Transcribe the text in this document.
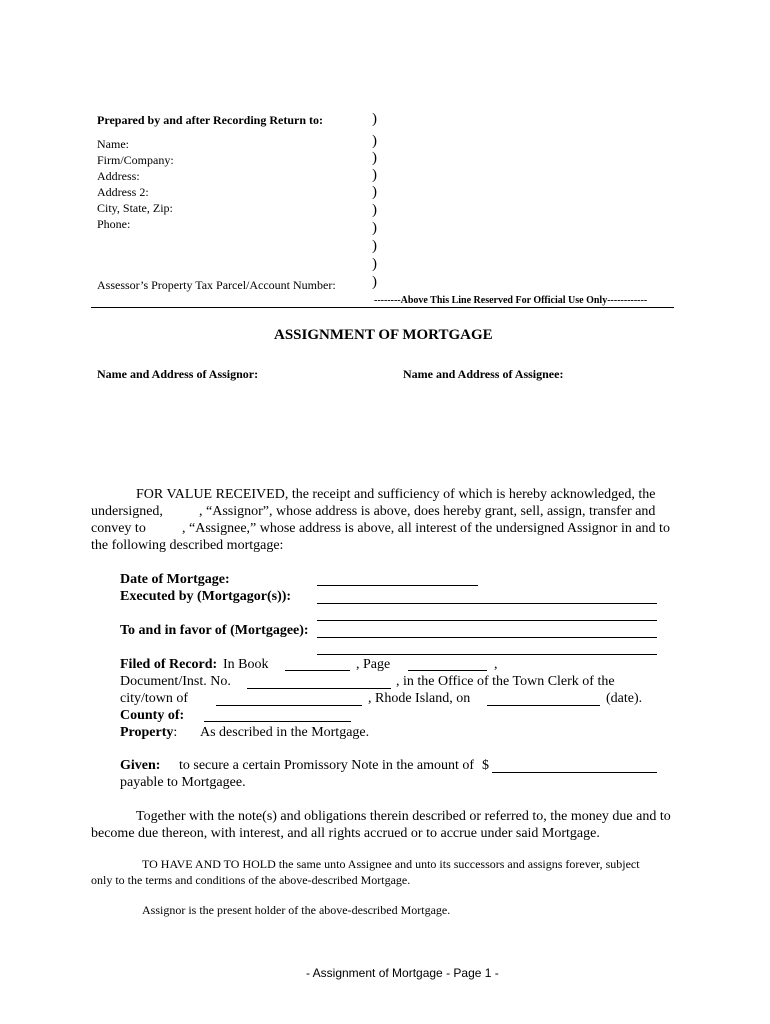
Prepared by and after Recording Return to:
Name:
Firm/Company:
Address:
Address 2:
City, State, Zip:
Phone:
Assessor’s Property Tax Parcel/Account Number:
)
)
)
)
)
)
)
)
)
)
--------Above This Line Reserved For Official Use Only------------
ASSIGNMENT OF MORTGAGE
Name and Address of Assignor:	Name and Address of Assignee:
FOR VALUE RECEIVED, the receipt and sufficiency of which is hereby acknowledged, the
undersigned,	, “Assignor”, whose address is above, does hereby grant, sell, assign, transfer and
convey to	, “Assignee,” whose address is above, all interest of the undersigned Assignor in and to
the following described mortgage:
Date of Mortgage:
Executed by (Mortgagor(s)):
To and in favor of (Mortgagee):
Filed of Record: In Book	, Page	,
Document/Inst. No.	, in the Office of the Town Clerk of the
city/town of	, Rhode Island, on	(date).
County of:
Property: As described in the Mortgage.
Given: to secure a certain Promissory Note in the amount of $
payable to Mortgagee.
Together with the note(s) and obligations therein described or referred to, the money due and to
become due thereon, with interest, and all rights accrued or to accrue under said Mortgage.
TO HAVE AND TO HOLD the same unto Assignee and unto its successors and assigns forever, subject
only to the terms and conditions of the above-described Mortgage.
Assignor is the present holder of the above-described Mortgage.
- Assignment of Mortgage - Page 1 -
